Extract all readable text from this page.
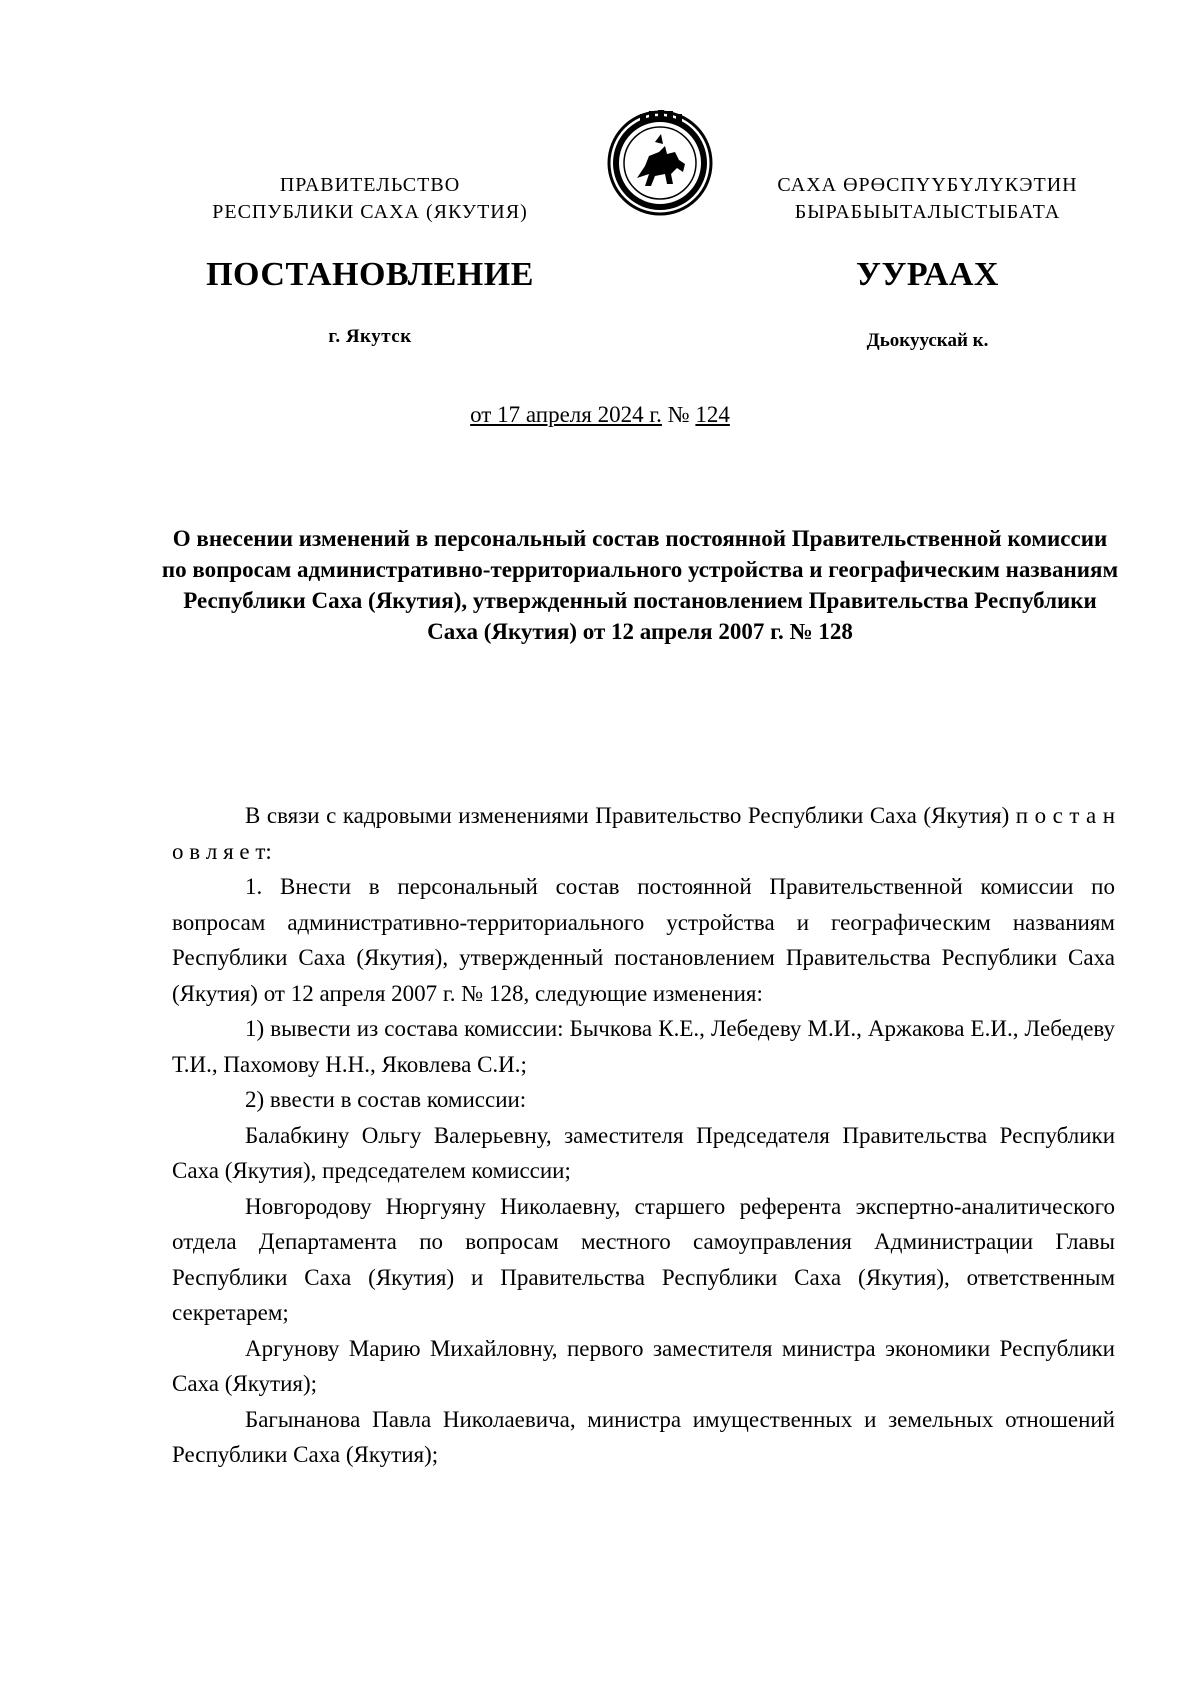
ПРАВИТЕЛЬСТВО
РЕСПУБЛИКИ САХА (ЯКУТИЯ)
САХА ӨРӨСПҮҮБҮЛҮКЭТИН
БЫРАБЫЫТАЛЫСТЫБАТА
ПОСТАНОВЛЕНИЕ	УУРААХ
г. Якутск	Дьокуускай к.
от 17 апреля 2024 г. № 124
О внесении изменений в персональный состав постоянной Правительственной комиссии по вопросам административно-территориального устройства и географическим названиям Республики Саха (Якутия), утвержденный постановлением Правительства Республики Саха (Якутия) от 12 апреля 2007 г. № 128

В связи с кадровыми изменениями Правительство Республики Саха (Якутия) п о с т а н о в л я е т:

1. Внести в персональный состав постоянной Правительственной комиссии по вопросам административно-территориального устройства и географическим названиям Республики Саха (Якутия), утвержденный постановлением Правительства Республики Саха (Якутия) от 12 апреля 2007 г. № 128, следующие изменения:

1) вывести из состава комиссии: Бычкова К.Е., Лебедеву М.И., Аржакова Е.И., Лебедеву Т.И., Пахомову Н.Н., Яковлева С.И.;

2) ввести в состав комиссии:

Балабкину Ольгу Валерьевну, заместителя Председателя Правительства Республики Саха (Якутия), председателем комиссии;

Новгородову Нюргуяну Николаевну, старшего референта экспертно-аналитического отдела Департамента по вопросам местного самоуправления Администрации Главы Республики Саха (Якутия) и Правительства Республики Саха (Якутия), ответственным секретарем;

Аргунову Марию Михайловну, первого заместителя министра экономики Республики Саха (Якутия);

Багынанова Павла Николаевича, министра имущественных и земельных отношений Республики Саха (Якутия);
